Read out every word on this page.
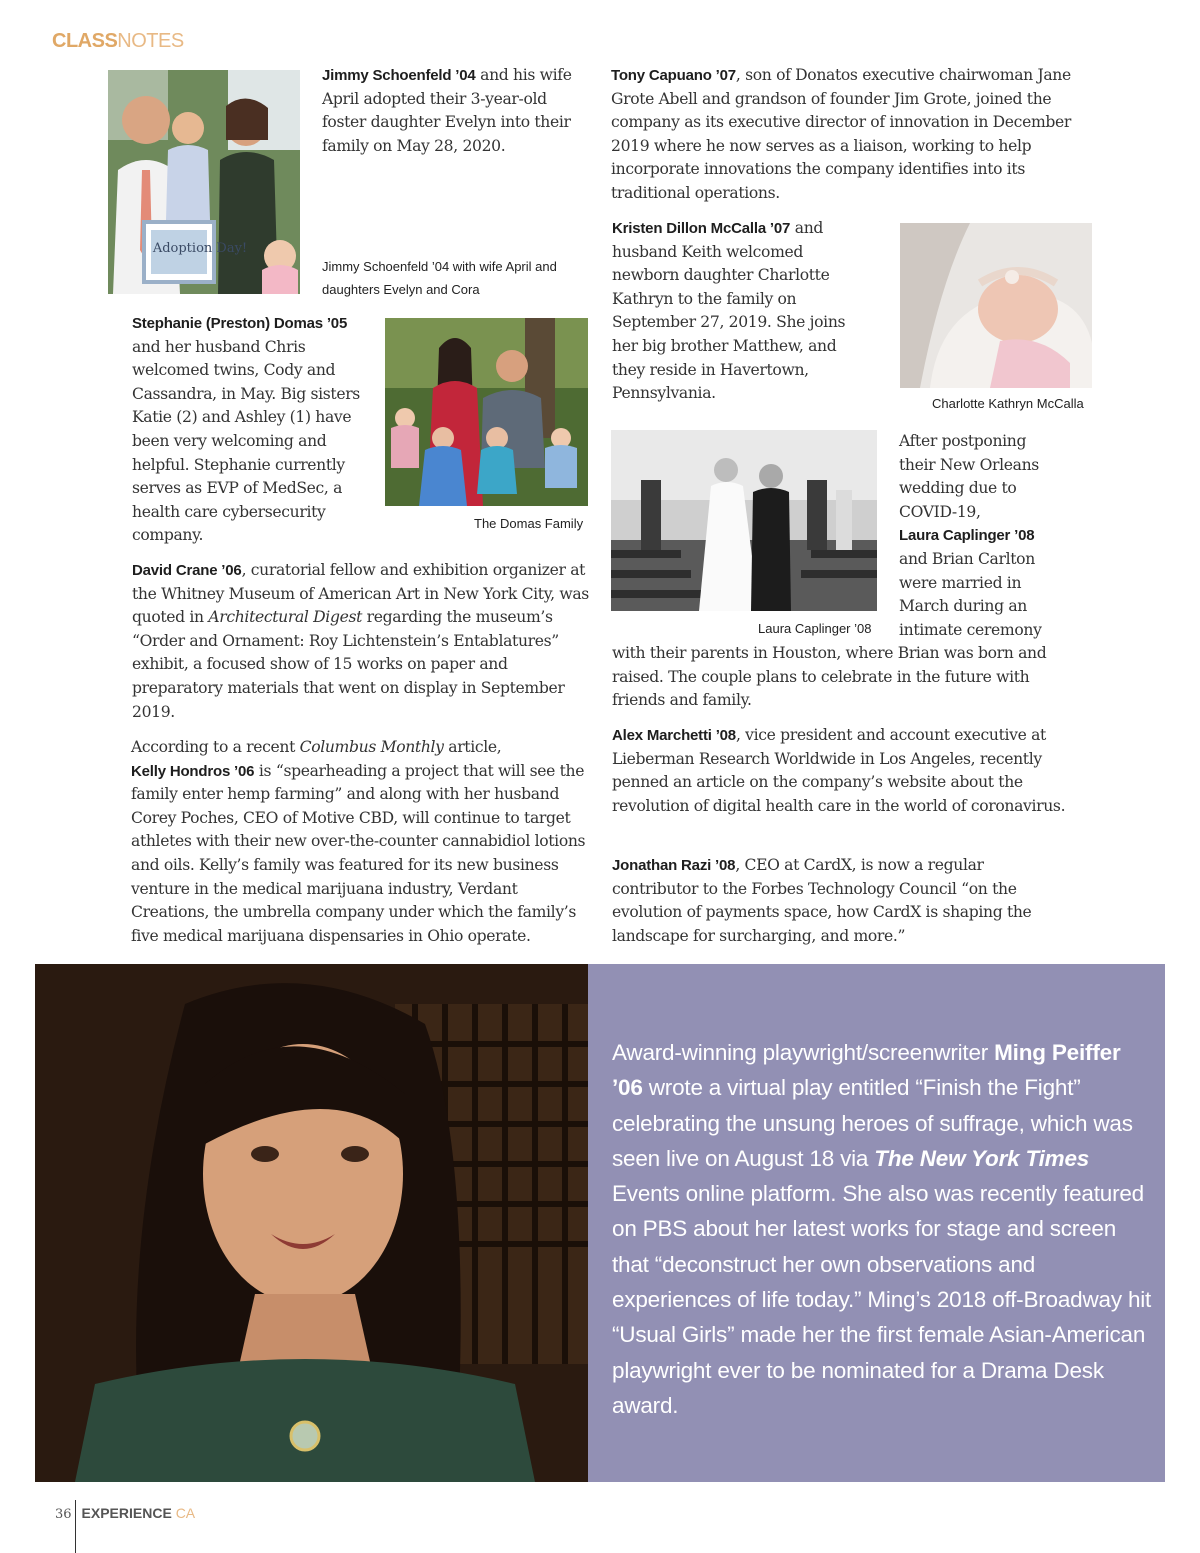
CLASSNOTES
Adoption Day!
Jimmy Schoenfeld ’04 and his wife April adopted their 3-year-old foster daughter Evelyn into their family on May 28, 2020.
Jimmy Schoenfeld ’04 with wife April and daughters Evelyn and Cora
Stephanie (Preston) Domas ’05 and her husband Chris welcomed twins, Cody and Cassandra, in May. Big sisters Katie (2) and Ashley (1) have been very welcoming and helpful. Stephanie currently serves as EVP of MedSec, a health care cybersecurity company.
The Domas Family
David Crane ’06, curatorial fellow and exhibition organizer at the Whitney Museum of American Art in New York City, was quoted in Architectural Digest regarding the museum’s “Order and Ornament: Roy Lichtenstein’s Entablatures” exhibit, a focused show of 15 works on paper and preparatory materials that went on display in September 2019.
According to a recent Columbus Monthly article,
Kelly Hondros ’06 is “spearheading a project that will see the family enter hemp farming” and along with her husband Corey Poches, CEO of Motive CBD, will continue to target athletes with their new over-the-counter cannabidiol lotions and oils. Kelly’s family was featured for its new business venture in the medical marijuana industry, Verdant Creations, the umbrella company under which the family’s five medical marijuana dispensaries in Ohio operate.
Tony Capuano ’07, son of Donatos executive chairwoman Jane Grote Abell and grandson of founder Jim Grote, joined the company as its executive director of innovation in December 2019 where he now serves as a liaison, working to help incorporate innovations the company identifies into its traditional operations.
Kristen Dillon McCalla ’07 and husband Keith welcomed newborn daughter Charlotte Kathryn to the family on September 27, 2019. She joins her big brother Matthew, and they reside in Havertown, Pennsylvania.
Charlotte Kathryn McCalla
Laura Caplinger ’08
After postponing their New Orleans wedding due to COVID-19,
Laura Caplinger ’08 and Brian Carlton were married in March during an intimate ceremony
with their parents in Houston, where Brian was born and raised. The couple plans to celebrate in the future with friends and family.
Alex Marchetti ’08, vice president and account executive at Lieberman Research Worldwide in Los Angeles, recently penned an article on the company’s website about the revolution of digital health care in the world of coronavirus.
Jonathan Razi ’08, CEO at CardX, is now a regular contributor to the Forbes Technology Council “on the evolution of payments space, how CardX is shaping the landscape for surcharging, and more.”
Award-winning playwright/screenwriter Ming Peiffer ’06 wrote a virtual play entitled “Finish the Fight” celebrating the unsung heroes of suffrage, which was seen live on August 18 via The New York Times Events online platform. She also was recently featured on PBS about her latest works for stage and screen that “deconstruct her own observations and experiences of life today.” Ming’s 2018 off-Broadway hit “Usual Girls” made her the first female Asian-American playwright ever to be nominated for a Drama Desk award.
36 EXPERIENCE CA
